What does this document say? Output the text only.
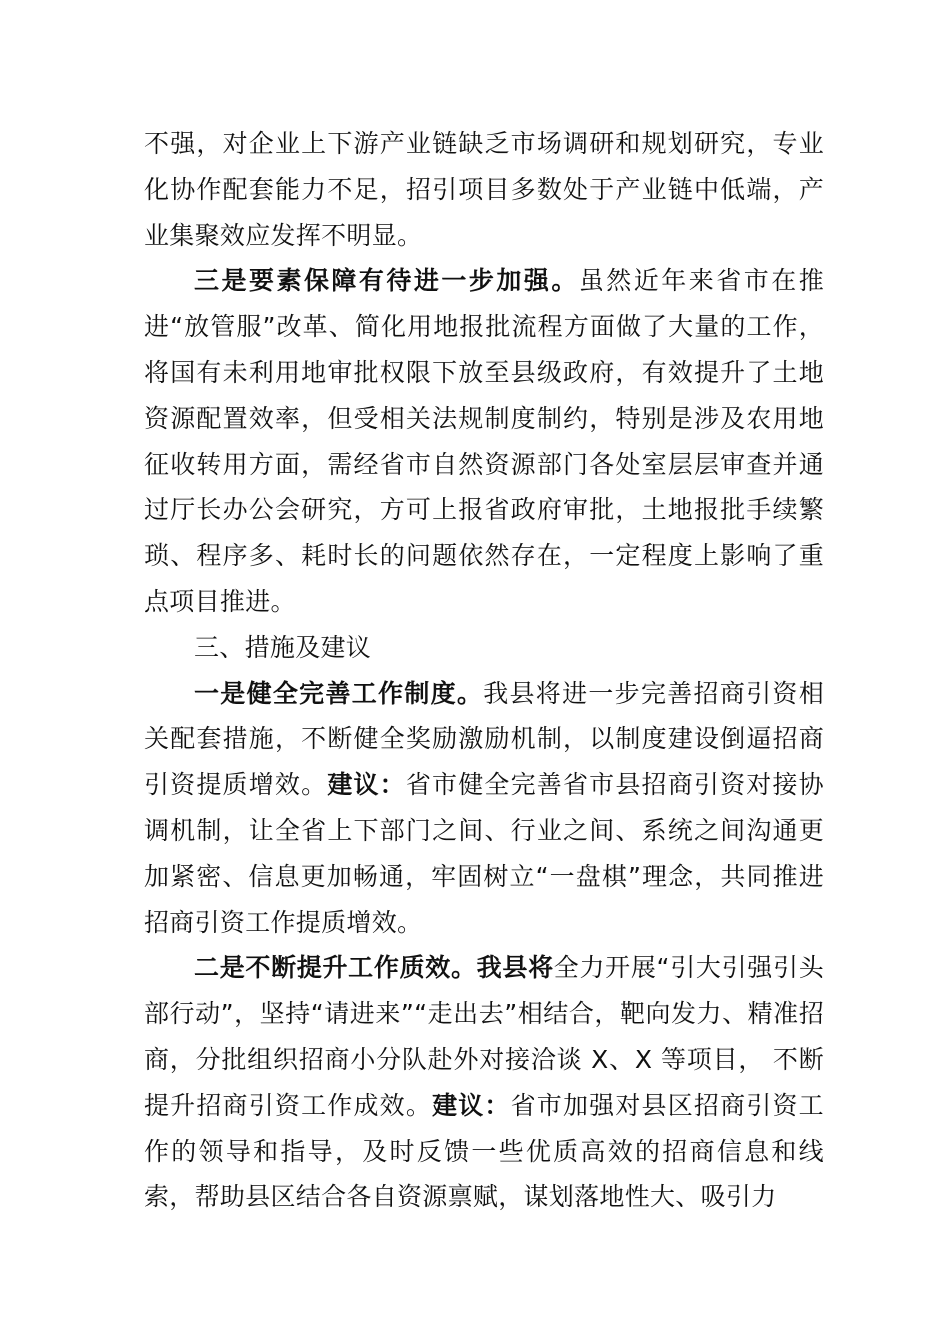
不强，对企业上下游产业链缺乏市场调研和规划研究，专业化协作配套能力不足，招引项目多数处于产业链中低端，产业集聚效应发挥不明显。

三是要素保障有待进一步加强。虽然近年来省市在推进“放管服”改革、简化用地报批流程方面做了大量的工作， 将国有未利用地审批权限下放至县级政府，有效提升了土地资源配置效率，但受相关法规制度制约，特别是涉及农用地征收转用方面，需经省市自然资源部门各处室层层审查并通过厅长办公会研究，方可上报省政府审批，土地报批手续繁琐、程序多、耗时长的问题依然存在，一定程度上影响了重点项目推进。

三、措施及建议

一是健全完善工作制度。我县将进一步完善招商引资相关配套措施，不断健全奖励激励机制，以制度建设倒逼招商引资提质增效。建议：省市健全完善省市县招商引资对接协调机制，让全省上下部门之间、行业之间、系统之间沟通更加紧密、信息更加畅通，牢固树立“一盘棋”理念，共同推进招商引资工作提质增效。

二是不断提升工作质效。我县将全力开展“引大引强引头部行动”，坚持“请进来”“走出去”相结合，靶向发力、精准招商，分批组织招商小分队赴外对接洽谈 X、X 等项目， 不断提升招商引资工作成效。建议：省市加强对县区招商引资工作的领导和指导，及时反馈一些优质高效的招商信息和线索，帮助县区结合各自资源禀赋，谋划落地性大、吸引力
